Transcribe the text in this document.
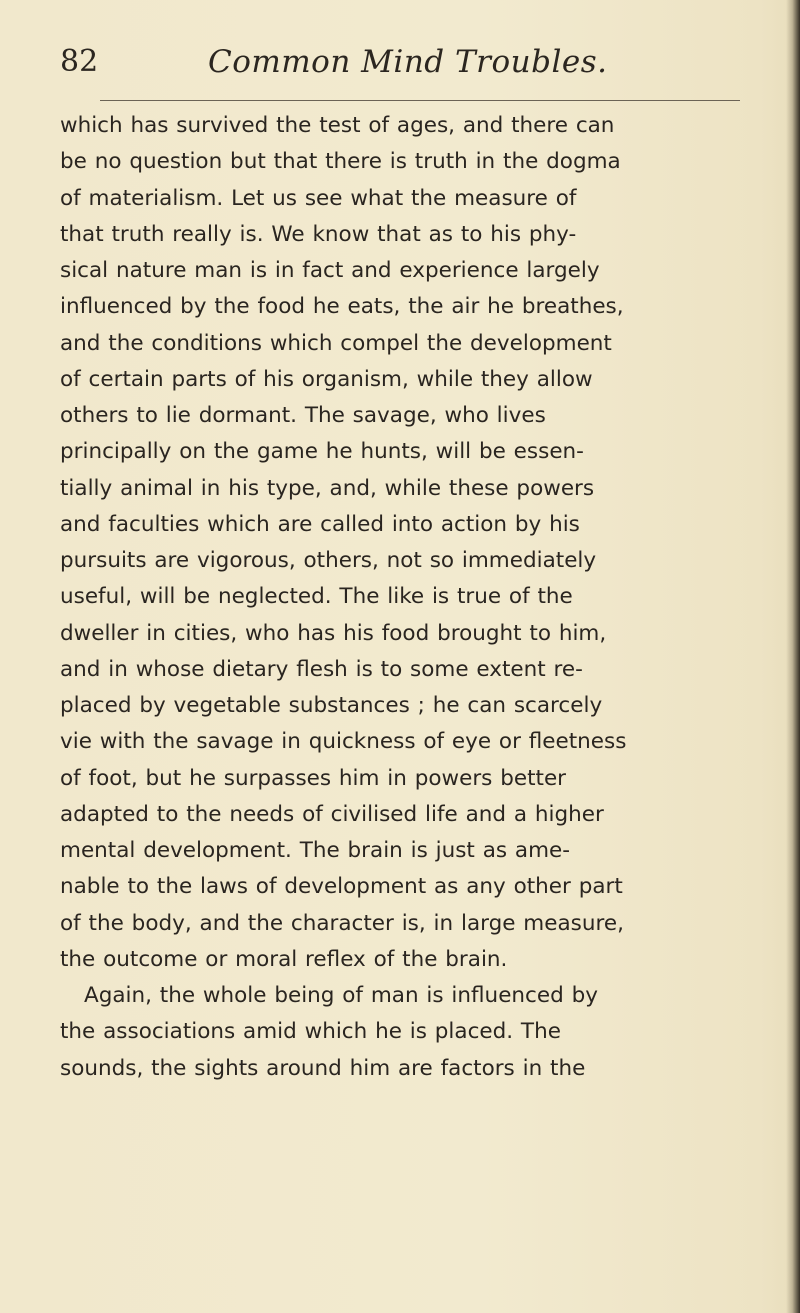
82	Common Mind Troubles.
which has survived the test of ages, and there can
be no question but that there is truth in the dogma
of materialism. Let us see what the measure of
that truth really is. We know that as to his phy-
sical nature man is in fact and experience largely
influenced by the food he eats, the air he breathes,
and the conditions which compel the development
of certain parts of his organism, while they allow
others to lie dormant. The savage, who lives
principally on the game he hunts, will be essen-
tially animal in his type, and, while these powers
and faculties which are called into action by his
pursuits are vigorous, others, not so immediately
useful, will be neglected. The like is true of the
dweller in cities, who has his food brought to him,
and in whose dietary flesh is to some extent re-
placed by vegetable substances ; he can scarcely
vie with the savage in quickness of eye or fleetness
of foot, but he surpasses him in powers better
adapted to the needs of civilised life and a higher
mental development. The brain is just as ame-
nable to the laws of development as any other part
of the body, and the character is, in large measure,
the outcome or moral reflex of the brain.
Again, the whole being of man is influenced by
the associations amid which he is placed. The
sounds, the sights around him are factors in the
